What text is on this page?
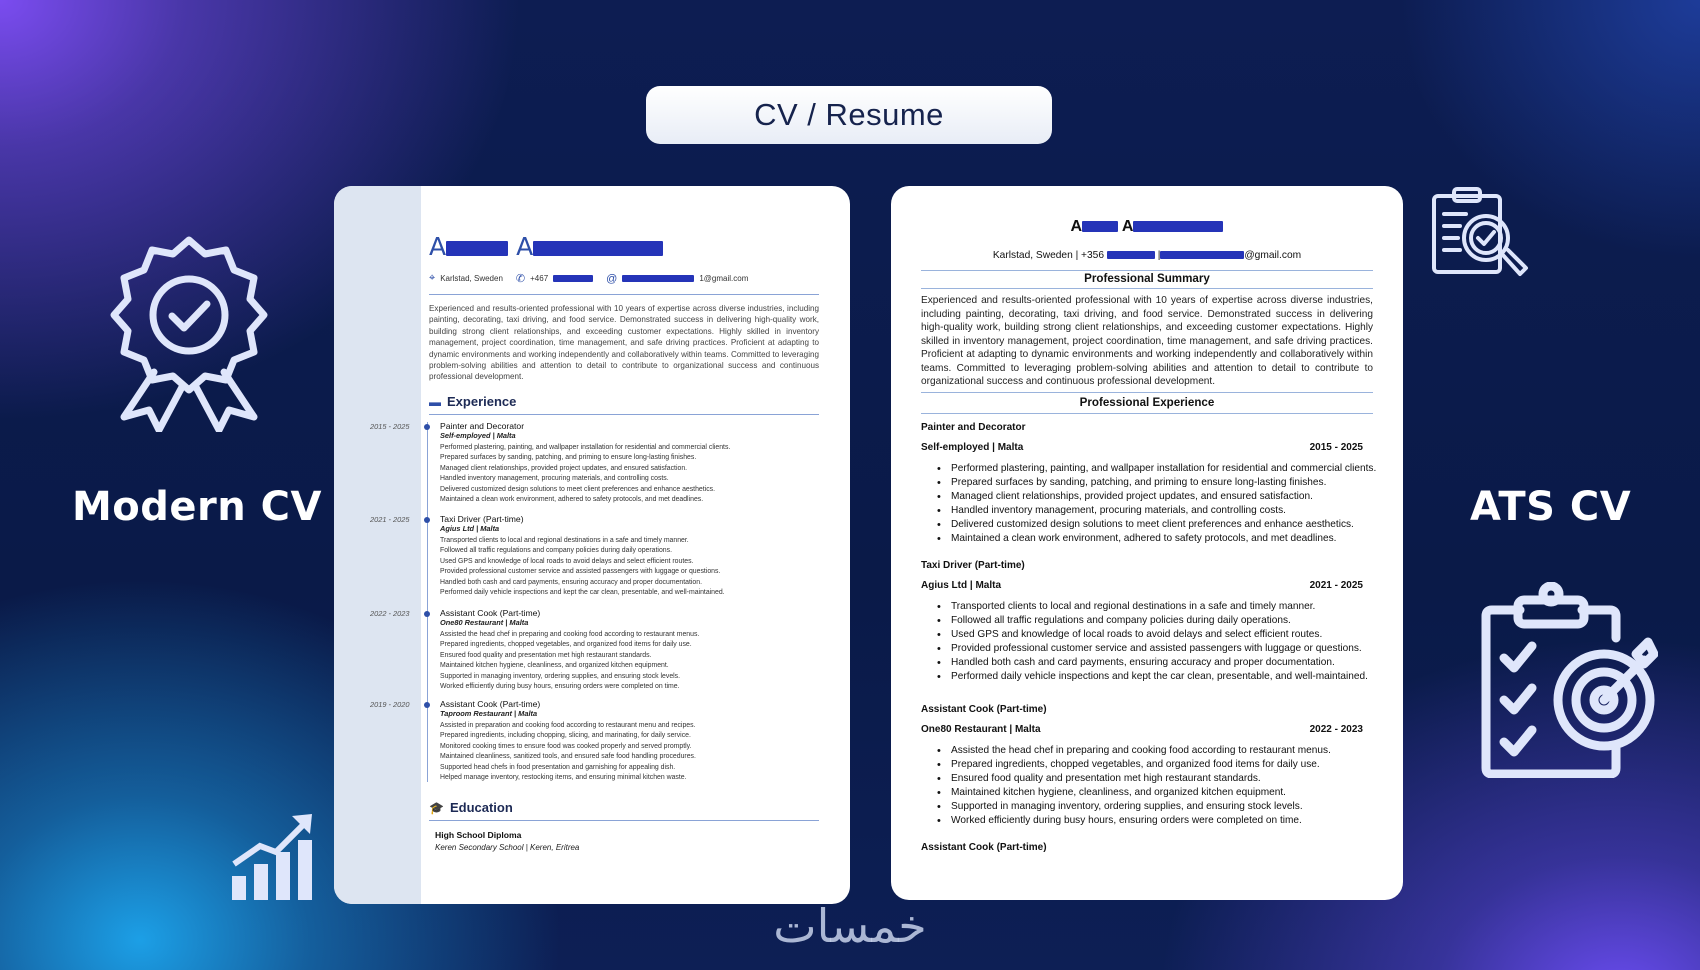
CV / Resume
Modern CV	ATS CV
A	A
⌖ Karlstad, Sweden ✆ +467	@	1@gmail.com
Experienced and results-oriented professional with 10 years of expertise across diverse industries, including painting, decorating, taxi driving, and food service. Demonstrated success in delivering high-quality work, building strong client relationships, and exceeding customer expectations. Highly skilled in inventory management, project coordination, time management, and safe driving practices. Proficient at adapting to dynamic environments and working independently and collaboratively within teams. Committed to leveraging problem-solving abilities and attention to detail to contribute to organizational success and continuous professional development.
▬ Experience
2015 - 2025	Painter and Decorator
Self-employed | Malta
Performed plastering, painting, and wallpaper installation for residential and commercial clients.
Prepared surfaces by sanding, patching, and priming to ensure long-lasting finishes.
Managed client relationships, provided project updates, and ensured satisfaction.
Handled inventory management, procuring materials, and controlling costs.
Delivered customized design solutions to meet client preferences and enhance aesthetics.
Maintained a clean work environment, adhered to safety protocols, and met deadlines.
2021 - 2025	Taxi Driver (Part-time)
Agius Ltd | Malta
Transported clients to local and regional destinations in a safe and timely manner.
Followed all traffic regulations and company policies during daily operations.
Used GPS and knowledge of local roads to avoid delays and select efficient routes.
Provided professional customer service and assisted passengers with luggage or questions.
Handled both cash and card payments, ensuring accuracy and proper documentation.
Performed daily vehicle inspections and kept the car clean, presentable, and well-maintained.
2022 - 2023	Assistant Cook (Part-time)
One80 Restaurant | Malta
Assisted the head chef in preparing and cooking food according to restaurant menus.
Prepared ingredients, chopped vegetables, and organized food items for daily use.
Ensured food quality and presentation met high restaurant standards.
Maintained kitchen hygiene, cleanliness, and organized kitchen equipment.
Supported in managing inventory, ordering supplies, and ensuring stock levels.
Worked efficiently during busy hours, ensuring orders were completed on time.
2019 - 2020	Assistant Cook (Part-time)
Taproom Restaurant | Malta
Assisted in preparation and cooking food according to restaurant menu and recipes.
Prepared ingredients, including chopping, slicing, and marinating, for daily service.
Monitored cooking times to ensure food was cooked properly and served promptly.
Maintained cleanliness, sanitized tools, and ensured safe food handling procedures.
Supported head chefs in food presentation and garnishing for appealing dish.
Helped manage inventory, restocking items, and ensuring minimal kitchen waste.
🎓 Education
High School Diploma
Keren Secondary School | Keren, Eritrea
A A
Karlstad, Sweden | +356	|	@gmail.com
Professional Summary
Experienced and results-oriented professional with 10 years of expertise across diverse industries, including painting, decorating, taxi driving, and food service. Demonstrated success in delivering high-quality work, building strong client relationships, and exceeding customer expectations. Highly skilled in inventory management, project coordination, time management, and safe driving practices. Proficient at adapting to dynamic environments and working independently and collaboratively within teams. Committed to leveraging problem-solving abilities and attention to detail to contribute to organizational success and continuous professional development.
Professional Experience
Painter and Decorator
Self-employed | Malta	2015 - 2025
• Performed plastering, painting, and wallpaper installation for residential and commercial clients.
• Prepared surfaces by sanding, patching, and priming to ensure long-lasting finishes.
• Managed client relationships, provided project updates, and ensured satisfaction.
• Handled inventory management, procuring materials, and controlling costs.
• Delivered customized design solutions to meet client preferences and enhance aesthetics.
• Maintained a clean work environment, adhered to safety protocols, and met deadlines.
Taxi Driver (Part-time)
Agius Ltd | Malta	2021 - 2025
• Transported clients to local and regional destinations in a safe and timely manner.
• Followed all traffic regulations and company policies during daily operations.
• Used GPS and knowledge of local roads to avoid delays and select efficient routes.
• Provided professional customer service and assisted passengers with luggage or questions.
• Handled both cash and card payments, ensuring accuracy and proper documentation.
• Performed daily vehicle inspections and kept the car clean, presentable, and well-maintained.
Assistant Cook (Part-time)
One80 Restaurant | Malta	2022 - 2023
• Assisted the head chef in preparing and cooking food according to restaurant menus.
• Prepared ingredients, chopped vegetables, and organized food items for daily use.
• Ensured food quality and presentation met high restaurant standards.
• Maintained kitchen hygiene, cleanliness, and organized kitchen equipment.
• Supported in managing inventory, ordering supplies, and ensuring stock levels.
• Worked efficiently during busy hours, ensuring orders were completed on time.
Assistant Cook (Part-time)
خمسات
